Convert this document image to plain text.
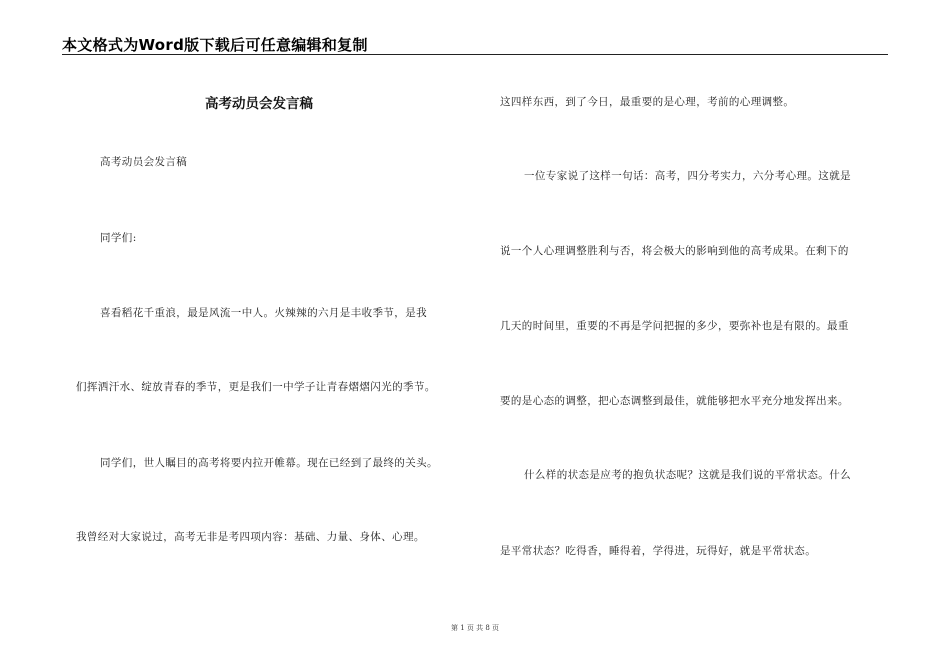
本文格式为Word版下载后可任意编辑和复制
高考动员会发言稿
高考动员会发言稿
同学们:
喜看稻花千重浪，最是风流一中人。火辣辣的六月是丰收季节，是我
们挥洒汗水、绽放青春的季节，更是我们一中学子让青春熠熠闪光的季节。
同学们，世人瞩目的高考将要内拉开帷幕。现在已经到了最终的关头。
我曾经对大家说过，高考无非是考四项内容：基础、力量、身体、心理。
这四样东西，到了今日，最重要的是心理，考前的心理调整。
一位专家说了这样一句话：高考，四分考实力，六分考心理。这就是
说一个人心理调整胜利与否，将会极大的影响到他的高考成果。在剩下的
几天的时间里，重要的不再是学问把握的多少，要弥补也是有限的。最重
要的是心态的调整，把心态调整到最佳，就能够把水平充分地发挥出来。
什么样的状态是应考的抱负状态呢？这就是我们说的平常状态。什么
是平常状态？吃得香，睡得着，学得进，玩得好，就是平常状态。
第 1 页 共 8 页
